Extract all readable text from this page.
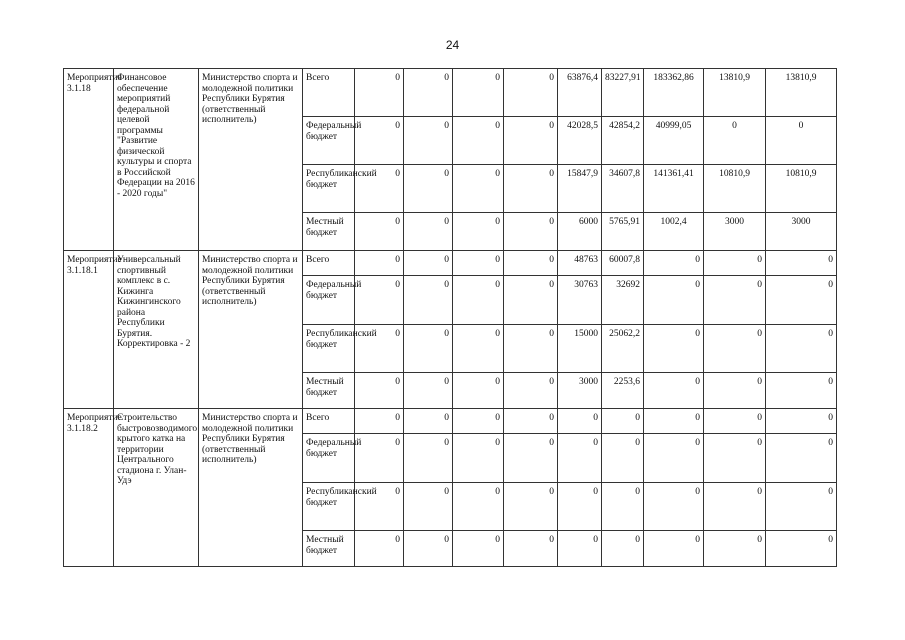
24
Мероприятие 3.1.18	Финансовое обеспечение мероприятий федеральной целевой программы "Развитие физической культуры и спорта в Российской Федерации на 2016 - 2020 годы"	Министерство спорта и молодежной политики Республики Бурятия (ответственный исполнитель)	Всего	0	0	0	0	63876,4	83227,91	183362,86	13810,9	13810,9
			Федеральный бюджет	0	0	0	0	42028,5	42854,2	40999,05	0	0
			Республиканский бюджет	0	0	0	0	15847,9	34607,8	141361,41	10810,9	10810,9
			Местный бюджет	0	0	0	0	6000	5765,91	1002,4	3000	3000
Мероприятие 3.1.18.1	Универсальный спортивный комплекс в с. Кижинга Кижингинского района Республики Бурятия. Корректировка - 2	Министерство спорта и молодежной политики Республики Бурятия (ответственный исполнитель)	Всего	0	0	0	0	48763	60007,8	0	0	0
			Федеральный бюджет	0	0	0	0	30763	32692	0	0	0
			Республиканский бюджет	0	0	0	0	15000	25062,2	0	0	0
			Местный бюджет	0	0	0	0	3000	2253,6	0	0	0
Мероприятие 3.1.18.2	Строительство быстровозводимого крытого катка на территории Центрального стадиона г. Улан-Удэ	Министерство спорта и молодежной политики Республики Бурятия (ответственный исполнитель)	Всего	0	0	0	0	0	0	0	0	0
			Федеральный бюджет	0	0	0	0	0	0	0	0	0
			Республиканский бюджет	0	0	0	0	0	0	0	0	0
			Местный бюджет	0	0	0	0	0	0	0	0	0
